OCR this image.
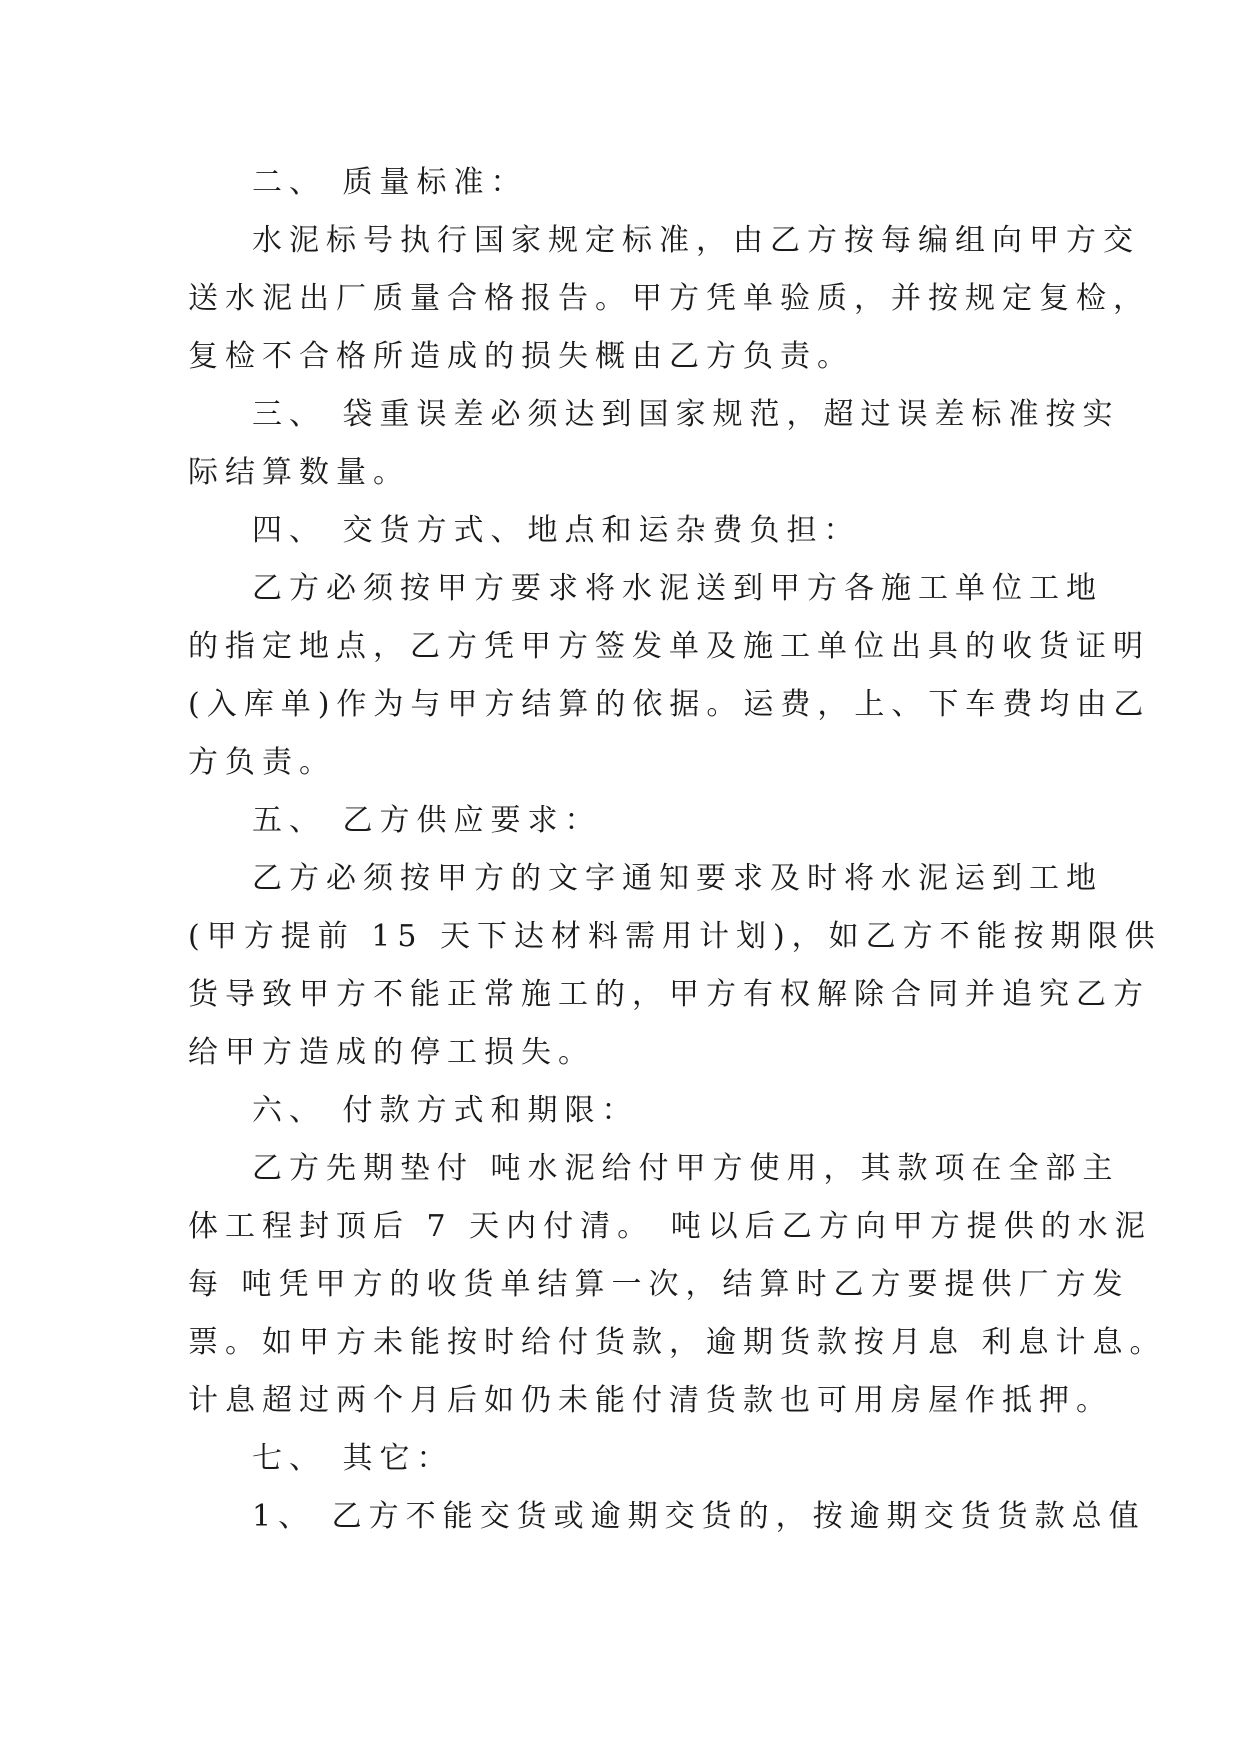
二、 质量标准：
水泥标号执行国家规定标准，由乙方按每编组向甲方交
送水泥出厂质量合格报告。甲方凭单验质，并按规定复检，
复检不合格所造成的损失概由乙方负责。
三、 袋重误差必须达到国家规范，超过误差标准按实
际结算数量。
四、 交货方式、地点和运杂费负担：
乙方必须按甲方要求将水泥送到甲方各施工单位工地
的指定地点，乙方凭甲方签发单及施工单位出具的收货证明
(入库单)作为与甲方结算的依据。运费，上、下车费均由乙
方负责。
五、 乙方供应要求：
乙方必须按甲方的文字通知要求及时将水泥运到工地
(甲方提前 15 天下达材料需用计划)，如乙方不能按期限供
货导致甲方不能正常施工的，甲方有权解除合同并追究乙方
给甲方造成的停工损失。
六、 付款方式和期限：
乙方先期垫付 吨水泥给付甲方使用，其款项在全部主
体工程封顶后 7 天内付清。 吨以后乙方向甲方提供的水泥
每 吨凭甲方的收货单结算一次，结算时乙方要提供厂方发
票。如甲方未能按时给付货款，逾期货款按月息 利息计息。
计息超过两个月后如仍未能付清货款也可用房屋作抵押。
七、 其它：
1、 乙方不能交货或逾期交货的，按逾期交货货款总值
